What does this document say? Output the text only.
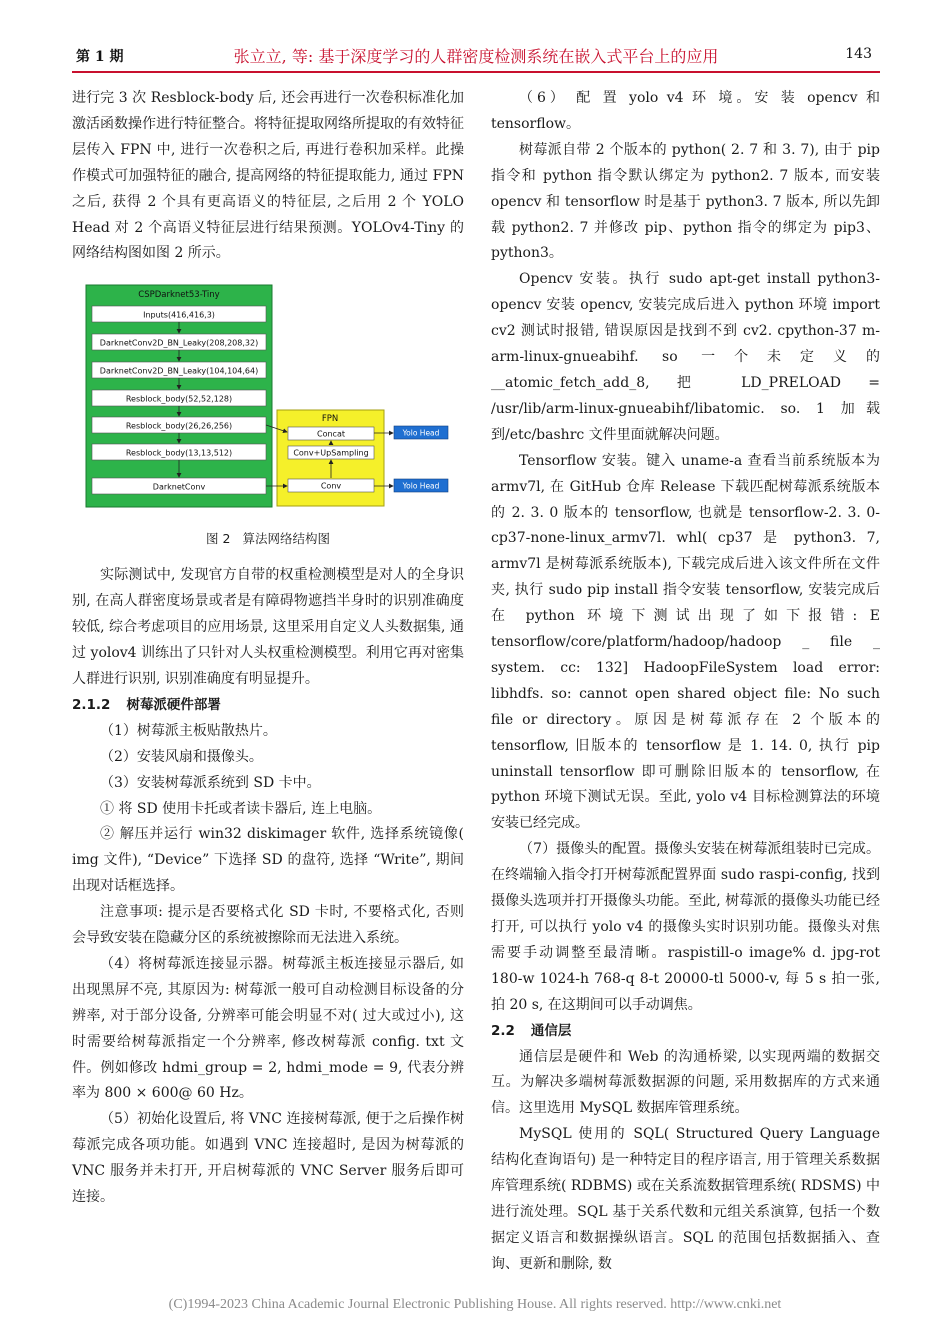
第 1 期	张立立, 等: 基于深度学习的人群密度检测系统在嵌入式平台上的应用	143

进行完 3 次 Resblock-body 后, 还会再进行一次卷积标准化加激活函数操作进行特征整合。将特征提取网络所提取的有效特征层传入 FPN 中, 进行一次卷积之后, 再进行卷积加采样。此操作模式可加强特征的融合, 提高网络的特征提取能力, 通过 FPN 之后, 获得 2 个具有更高语义的特征层, 之后用 2 个 YOLO Head 对 2 个高语义特征层进行结果预测。YOLOv4-Tiny 的网络结构图如图 2 所示。

CSPDarknet53-Tiny
Inputs(416,416,3)
DarknetConv2D_BN_Leaky(208,208,32)
DarknetConv2D_BN_Leaky(104,104,64)
Resblock_body(52,52,128)
Resblock_body(26,26,256)
Resblock_body(13,13,512)
DarknetConv
FPN
Concat
Conv+UpSampling
Conv
Yolo Head
Yolo Head
图 2 算法网络结构图

实际测试中, 发现官方自带的权重检测模型是对人的全身识别, 在高人群密度场景或者是有障碍物遮挡半身时的识别准确度较低, 综合考虑项目的应用场景, 这里采用自定义人头数据集, 通过 yolov4 训练出了只针对人头权重检测模型。利用它再对密集人群进行识别, 识别准确度有明显提升。

2.1.2 树莓派硬件部署

（1）树莓派主板贴散热片。

（2）安装风扇和摄像头。

（3）安装树莓派系统到 SD 卡中。

① 将 SD 使用卡托或者读卡器后, 连上电脑。

② 解压并运行 win32 diskimager 软件, 选择系统镜像( img 文件), “Device” 下选择 SD 的盘符, 选择 “Write”, 期间出现对话框选择。

注意事项: 提示是否要格式化 SD 卡时, 不要格式化, 否则会导致安装在隐藏分区的系统被擦除而无法进入系统。

（4）将树莓派连接显示器。树莓派主板连接显示器后, 如出现黑屏不亮, 其原因为: 树莓派一般可自动检测目标设备的分辨率, 对于部分设备, 分辨率可能会明显不对( 过大或过小), 这时需要给树莓派指定一个分辨率, 修改树莓派 config. txt 文件。例如修改 hdmi_group = 2, hdmi_mode = 9, 代表分辨率为 800 × 600@ 60 Hz。

（5）初始化设置后, 将 VNC 连接树莓派, 便于之后操作树莓派完成各项功能。如遇到 VNC 连接超时, 是因为树莓派的 VNC 服务并未打开, 开启树莓派的 VNC Server 服务后即可连接。

（6） 配 置 yolo v4 环 境。安 装 opencv 和 tensorflow。

树莓派自带 2 个版本的 python( 2. 7 和 3. 7), 由于 pip 指令和 python 指令默认绑定为 python2. 7 版本, 而安装 opencv 和 tensorflow 时是基于 python3. 7 版本, 所以先卸载 python2. 7 并修改 pip、python 指令的绑定为 pip3、python3。

Opencv 安装。执行 sudo apt-get install python3-opencv 安装 opencv, 安装完成后进入 python 环境 import cv2 测试时报错, 错误原因是找到不到 cv2. cpython-37 m-arm-linux-gnueabihf. so 一个未定义的__atomic_fetch_add_8, 把 LD_PRELOAD = /usr/lib/arm-linux-gnueabihf/libatomic. so. 1 加载到/etc/bashrc 文件里面就解决问题。

Tensorflow 安装。键入 uname-a 查看当前系统版本为 armv7l, 在 GitHub 仓库 Release 下载匹配树莓派系统版本的 2. 3. 0 版本的 tensorflow, 也就是 tensorflow-2. 3. 0-cp37-none-linux_armv7l. whl( cp37 是 python3. 7, armv7l 是树莓派系统版本), 下载完成后进入该文件所在文件夹, 执行 sudo pip install 指令安装 tensorflow, 安装完成后在 python 环境下测试出现了如下报错: E tensorflow/core/platform/hadoop/hadoop _ file _ system. cc: 132] HadoopFileSystem load error: libhdfs. so: cannot open shared object file: No such file or directory。原因是树莓派存在 2 个版本的 tensorflow, 旧版本的 tensorflow 是 1. 14. 0, 执行 pip uninstall tensorflow 即可删除旧版本的 tensorflow, 在 python 环境下测试无误。至此, yolo v4 目标检测算法的环境安装已经完成。

（7）摄像头的配置。摄像头安装在树莓派组装时已完成。在终端输入指令打开树莓派配置界面 sudo raspi-config, 找到摄像头选项并打开摄像头功能。至此, 树莓派的摄像头功能已经打开, 可以执行 yolo v4 的摄像头实时识别功能。摄像头对焦需要手动调整至最清晰。raspistill-o image% d. jpg-rot 180-w 1024-h 768-q 8-t 20000-tl 5000-v, 每 5 s 拍一张, 拍 20 s, 在这期间可以手动调焦。

2.2 通信层

通信层是硬件和 Web 的沟通桥梁, 以实现两端的数据交互。为解决多端树莓派数据源的问题, 采用数据库的方式来通信。这里选用 MySQL 数据库管理系统。

MySQL 使用的 SQL( Structured Query Language 结构化查询语句) 是一种特定目的程序语言, 用于管理关系数据库管理系统( RDBMS) 或在关系流数据管理系统( RDSMS) 中进行流处理。SQL 基于关系代数和元组关系演算, 包括一个数据定义语言和数据操纵语言。SQL 的范围包括数据插入、查询、更新和删除, 数

(C)1994-2023 China Academic Journal Electronic Publishing House. All rights reserved. http://www.cnki.net
